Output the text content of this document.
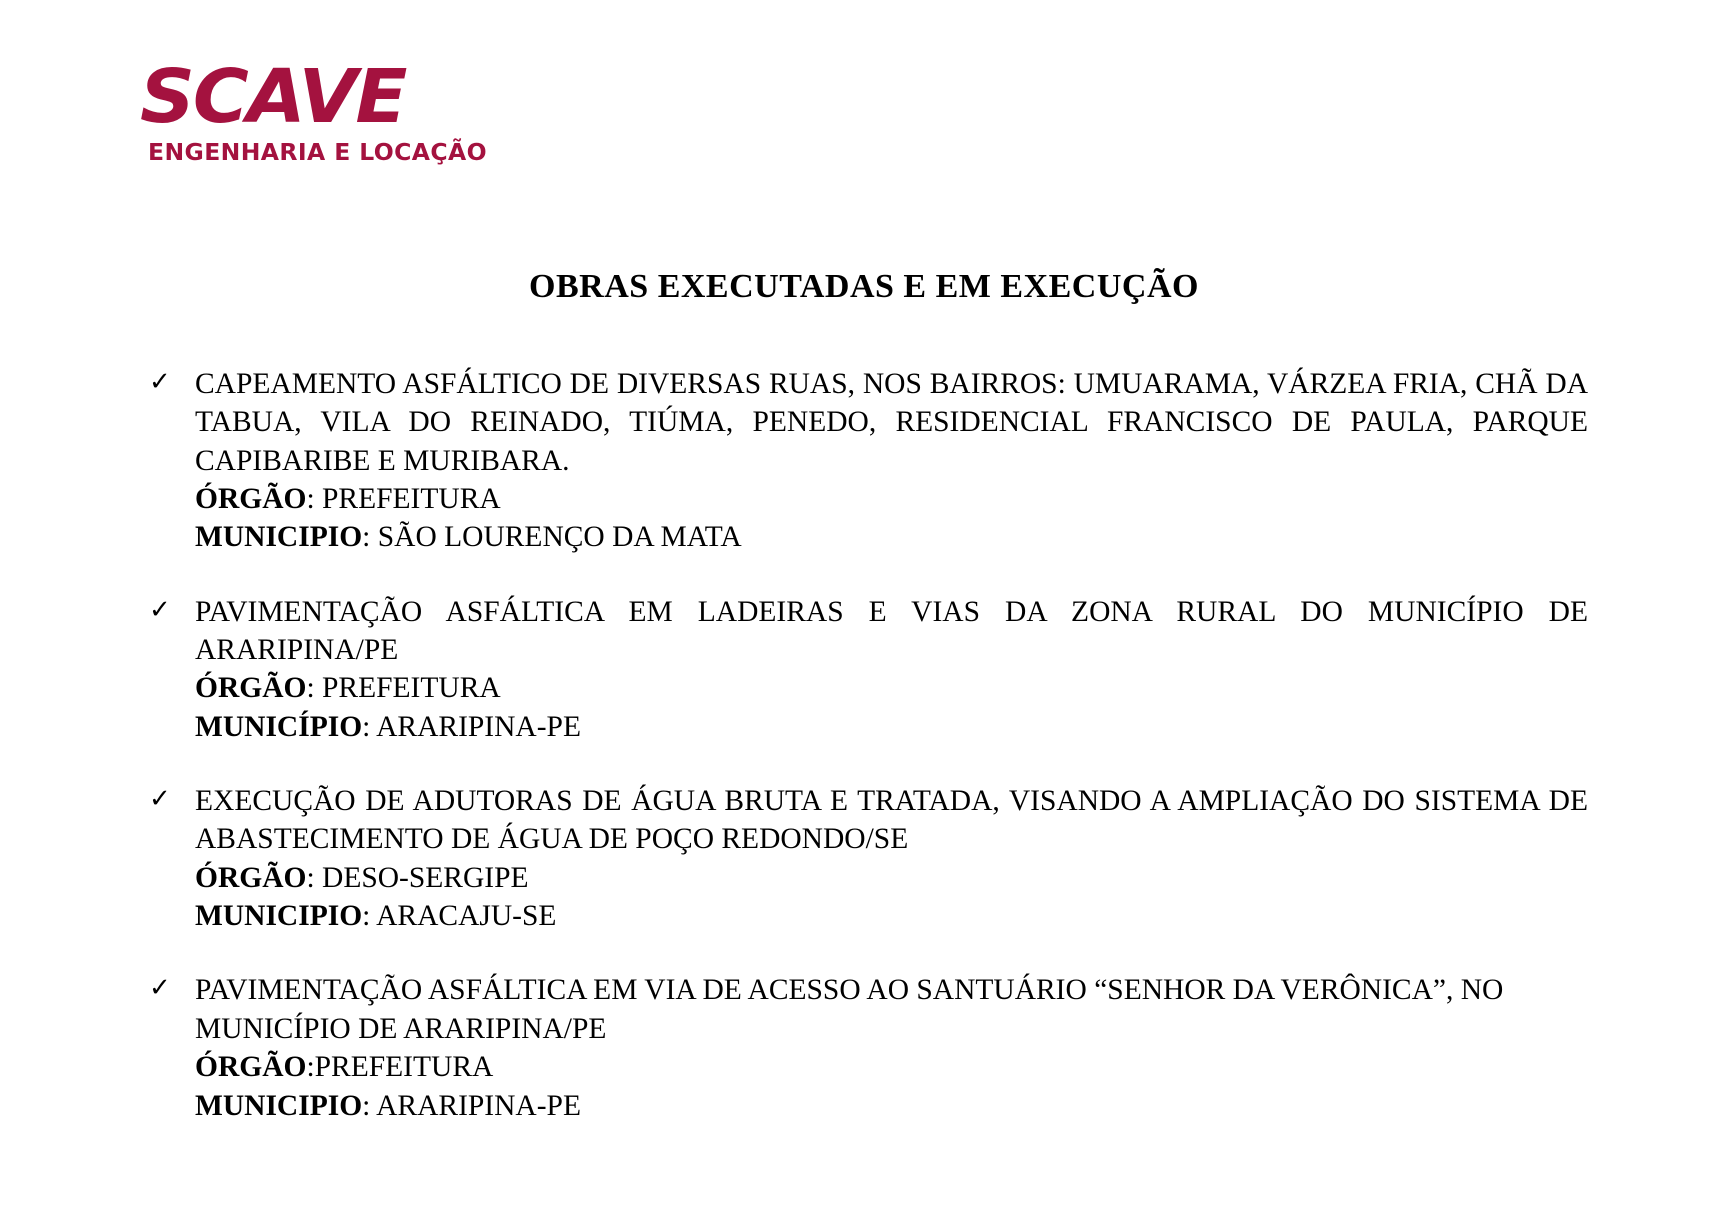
SCAVE
ENGENHARIA E LOCAÇÃO
OBRAS EXECUTADAS E EM EXECUÇÃO
✓ CAPEAMENTO ASFÁLTICO DE DIVERSAS RUAS, NOS BAIRROS: UMUARAMA, VÁRZEA FRIA, CHÃ DA TABUA, VILA DO REINADO, TIÚMA, PENEDO, RESIDENCIAL FRANCISCO DE PAULA, PARQUE CAPIBARIBE E MURIBARA.

ÓRGÃO: PREFEITURA

MUNICIPIO: SÃO LOURENÇO DA MATA

✓ PAVIMENTAÇÃO ASFÁLTICA EM LADEIRAS E VIAS DA ZONA RURAL DO MUNICÍPIO DE ARARIPINA/PE

ÓRGÃO: PREFEITURA

MUNICÍPIO: ARARIPINA-PE

✓ EXECUÇÃO DE ADUTORAS DE ÁGUA BRUTA E TRATADA, VISANDO A AMPLIAÇÃO DO SISTEMA DE ABASTECIMENTO DE ÁGUA DE POÇO REDONDO/SE

ÓRGÃO: DESO-SERGIPE

MUNICIPIO: ARACAJU-SE

✓ PAVIMENTAÇÃO ASFÁLTICA EM VIA DE ACESSO AO SANTUÁRIO “SENHOR DA VERÔNICA”, NO MUNICÍPIO DE ARARIPINA/PE

ÓRGÃO:PREFEITURA

MUNICIPIO: ARARIPINA-PE
